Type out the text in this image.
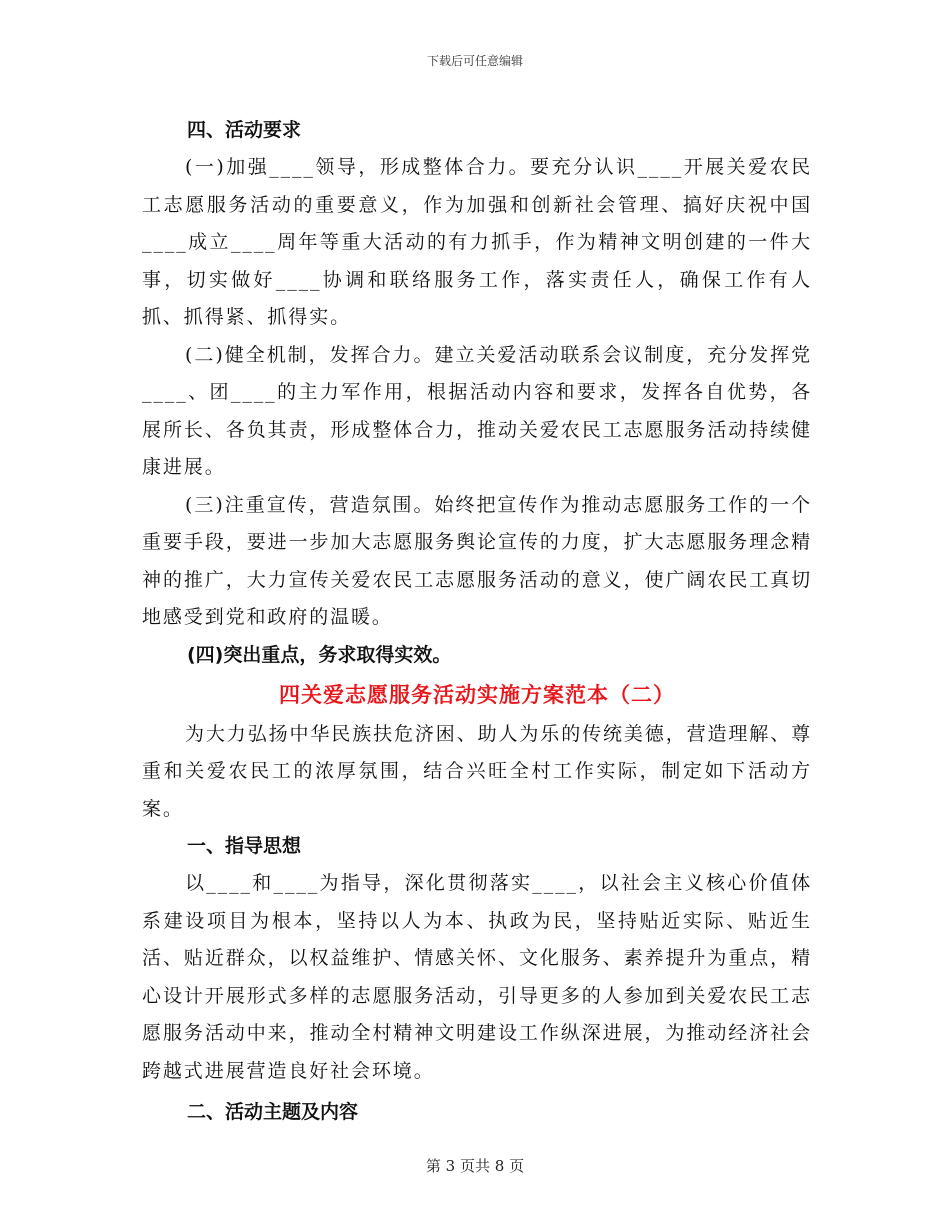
下载后可任意编辑
四、活动要求

(一)加强____领导，形成整体合力。要充分认识____开展关爱农民工志愿服务活动的重要意义，作为加强和创新社会管理、搞好庆祝中国____成立____周年等重大活动的有力抓手，作为精神文明创建的一件大事，切实做好____协调和联络服务工作，落实责任人，确保工作有人抓、抓得紧、抓得实。

(二)健全机制，发挥合力。建立关爱活动联系会议制度，充分发挥党____、团____的主力军作用，根据活动内容和要求，发挥各自优势，各展所长、各负其责，形成整体合力，推动关爱农民工志愿服务活动持续健康进展。

(三)注重宣传，营造氛围。始终把宣传作为推动志愿服务工作的一个重要手段，要进一步加大志愿服务舆论宣传的力度，扩大志愿服务理念精神的推广，大力宣传关爱农民工志愿服务活动的意义，使广阔农民工真切地感受到党和政府的温暖。

(四)突出重点，务求取得实效。
四关爱志愿服务活动实施方案范本（二）

为大力弘扬中华民族扶危济困、助人为乐的传统美德，营造理解、尊重和关爱农民工的浓厚氛围，结合兴旺全村工作实际，制定如下活动方案。

一、指导思想

以____和____为指导，深化贯彻落实____，以社会主义核心价值体系建设项目为根本，坚持以人为本、执政为民，坚持贴近实际、贴近生活、贴近群众，以权益维护、情感关怀、文化服务、素养提升为重点，精心设计开展形式多样的志愿服务活动，引导更多的人参加到关爱农民工志愿服务活动中来，推动全村精神文明建设工作纵深进展，为推动经济社会跨越式进展营造良好社会环境。

二、活动主题及内容
第 3 页共 8 页
